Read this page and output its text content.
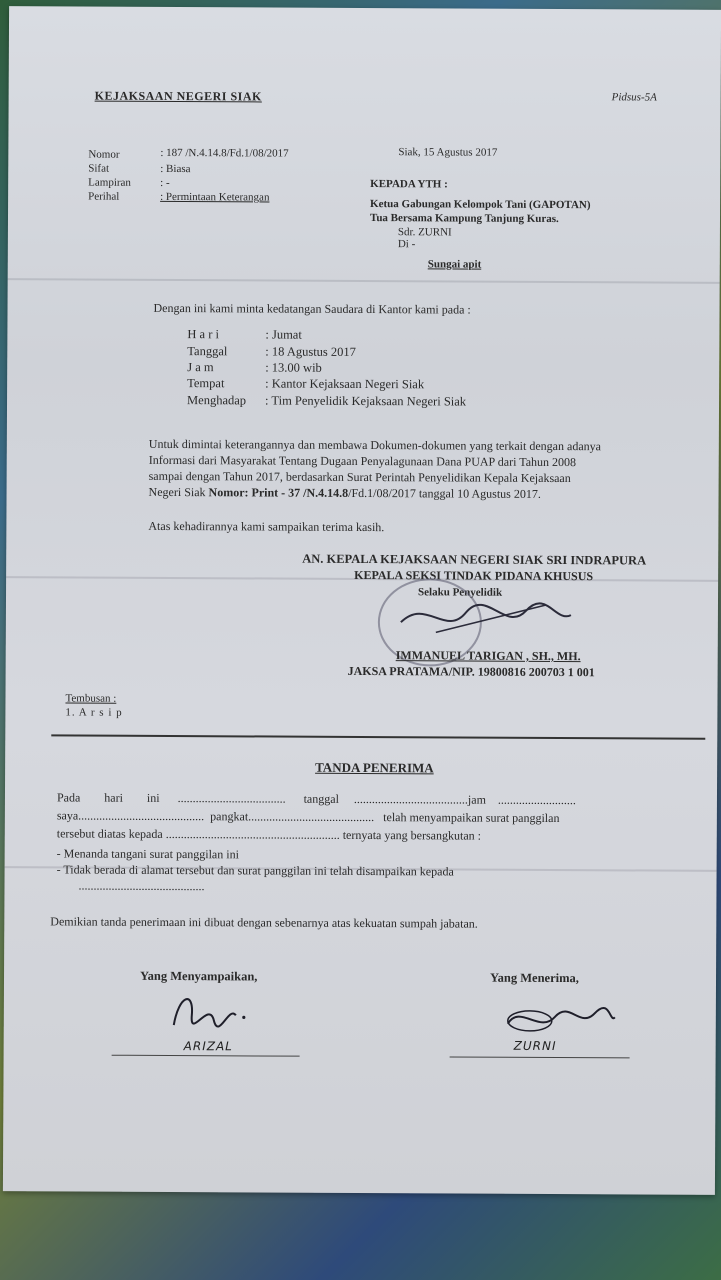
KEJAKSAAN NEGERI SIAK	Pidsus-5A
Nomor	: 187 /N.4.14.8/Fd.1/08/2017
Sifat	: Biasa
Lampiran	: -
Perihal	: Permintaan Keterangan
Siak, 15 Agustus 2017
KEPADA YTH :
Ketua Gabungan Kelompok Tani (GAPOTAN)
Tua Bersama Kampung Tanjung Kuras.
Sdr. ZURNI
Di -
Sungai apit
Dengan ini kami minta kedatangan Saudara di Kantor kami pada :
H a r i	: Jumat
Tanggal	: 18 Agustus 2017
J a m	: 13.00 wib
Tempat	: Kantor Kejaksaan Negeri Siak
Menghadap : Tim Penyelidik Kejaksaan Negeri Siak
Untuk dimintai keterangannya dan membawa Dokumen-dokumen yang terkait dengan adanya
Informasi dari Masyarakat Tentang Dugaan Penyalagunaan Dana PUAP dari Tahun 2008
sampai dengan Tahun 2017, berdasarkan Surat Perintah Penyelidikan Kepala Kejaksaan
Negeri Siak Nomor: Print - 37 /N.4.14.8/Fd.1/08/2017 tanggal 10 Agustus 2017.
Atas kehadirannya kami sampaikan terima kasih.
AN. KEPALA KEJAKSAAN NEGERI SIAK SRI INDRAPURA
KEPALA SEKSI TINDAK PIDANA KHUSUS
Selaku Penyelidik
IMMANUEL TARIGAN , SH., MH.
JAKSA PRATAMA/NIP. 19800816 200703 1 001
Tembusan :
1. A r s i p
TANDA PENERIMA
Pada hari ini .................................... tanggal ......................................jam ..........................
saya.......................................... pangkat.......................................... telah menyampaikan surat panggilan
tersebut diatas kepada .......................................................... ternyata yang bersangkutan :
- Menanda tangani surat panggilan ini
- Tidak berada di alamat tersebut dan surat panggilan ini telah disampaikan kepada
..........................................
Demikian tanda penerimaan ini dibuat dengan sebenarnya atas kekuatan sumpah jabatan.
Yang Menyampaikan,	Yang Menerima,
ARIZAL	ZURNI
